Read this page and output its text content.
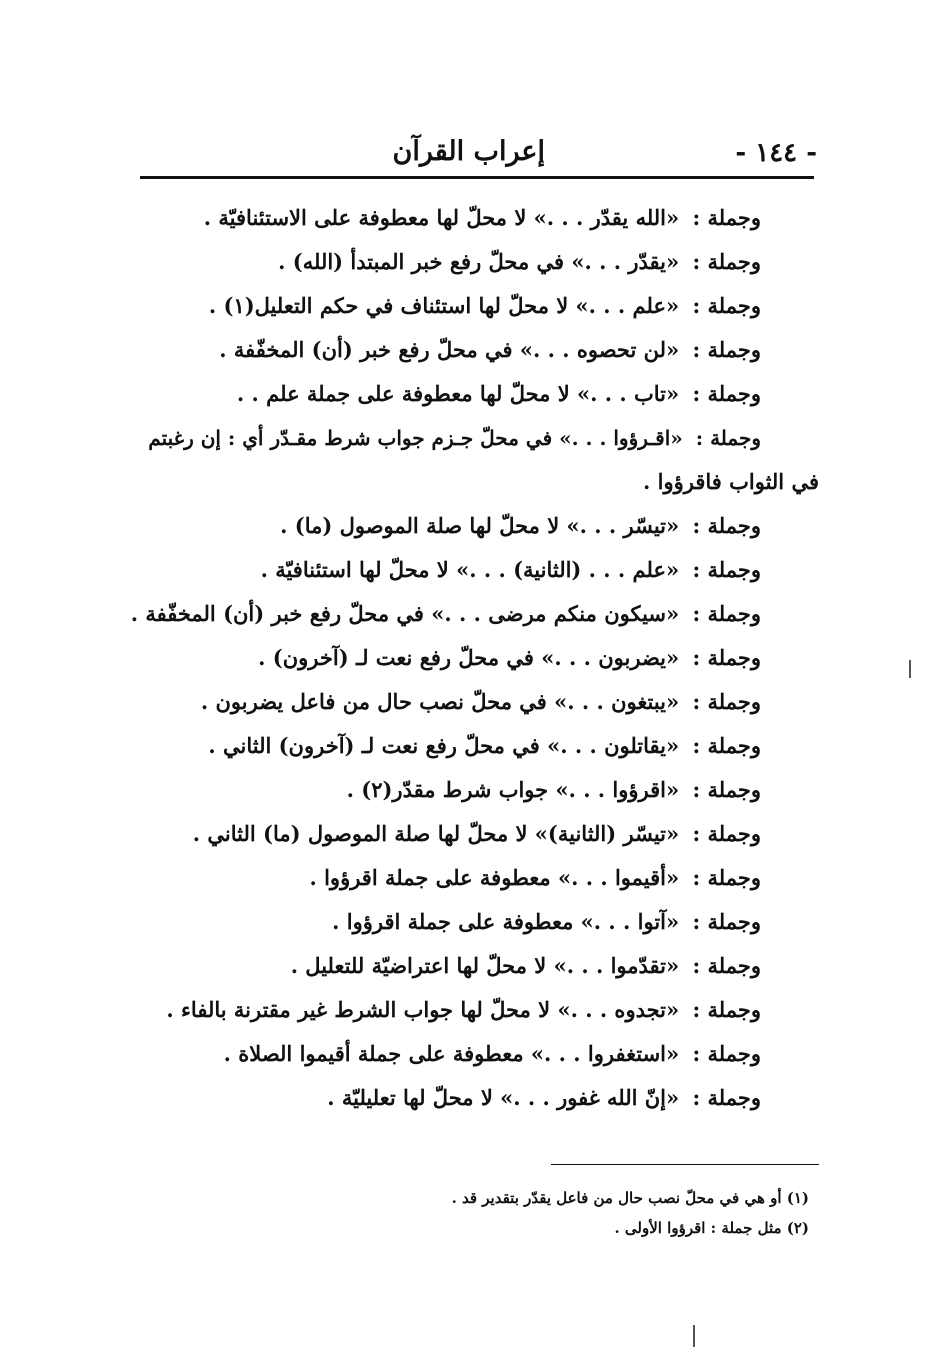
- ١٤٤ -
إعراب القرآن
وجملة : «الله يقدّر . . .» لا محلّ لها معطوفة على الاستئنافيّة .
وجملة : «يقدّر . . .» في محلّ رفع خبر المبتدأ (الله) .
وجملة : «علم . . .» لا محلّ لها استئناف في حكم التعليل(١) .
وجملة : «لن تحصوه . . .» في محلّ رفع خبر (أن) المخفّفة .
وجملة : «تاب . . .» لا محلّ لها معطوفة على جملة علم . .
وجملة : «اقـرؤوا . . .» في محلّ جـزم جواب شرط مقـدّر أي : إن رغبتم
في الثواب فاقرؤوا .
وجملة : «تيسّر . . .» لا محلّ لها صلة الموصول (ما) .
وجملة : «علم . . . (الثانية) . . .» لا محلّ لها استئنافيّة .
وجملة : «سيكون منكم مرضى . . .» في محلّ رفع خبر (أن) المخفّفة .
وجملة : «يضربون . . .» في محلّ رفع نعت لـ (آخرون) .
وجملة : «يبتغون . . .» في محلّ نصب حال من فاعل يضربون .
وجملة : «يقاتلون . . .» في محلّ رفع نعت لـ (آخرون) الثاني .
وجملة : «اقرؤوا . . .» جواب شرط مقدّر(٢) .
وجملة : «تيسّر (الثانية)» لا محلّ لها صلة الموصول (ما) الثاني .
وجملة : «أقيموا . . .» معطوفة على جملة اقرؤوا .
وجملة : «آتوا . . .» معطوفة على جملة اقرؤوا .
وجملة : «تقدّموا . . .» لا محلّ لها اعتراضيّة للتعليل .
وجملة : «تجدوه . . .» لا محلّ لها جواب الشرط غير مقترنة بالفاء .
وجملة : «استغفروا . . .» معطوفة على جملة أقيموا الصلاة .
وجملة : «إنّ الله غفور . . .» لا محلّ لها تعليليّة .
(١) أو هي في محلّ نصب حال من فاعل يقدّر بتقدير قد .
(٢) مثل جملة : اقرؤوا الأولى .
